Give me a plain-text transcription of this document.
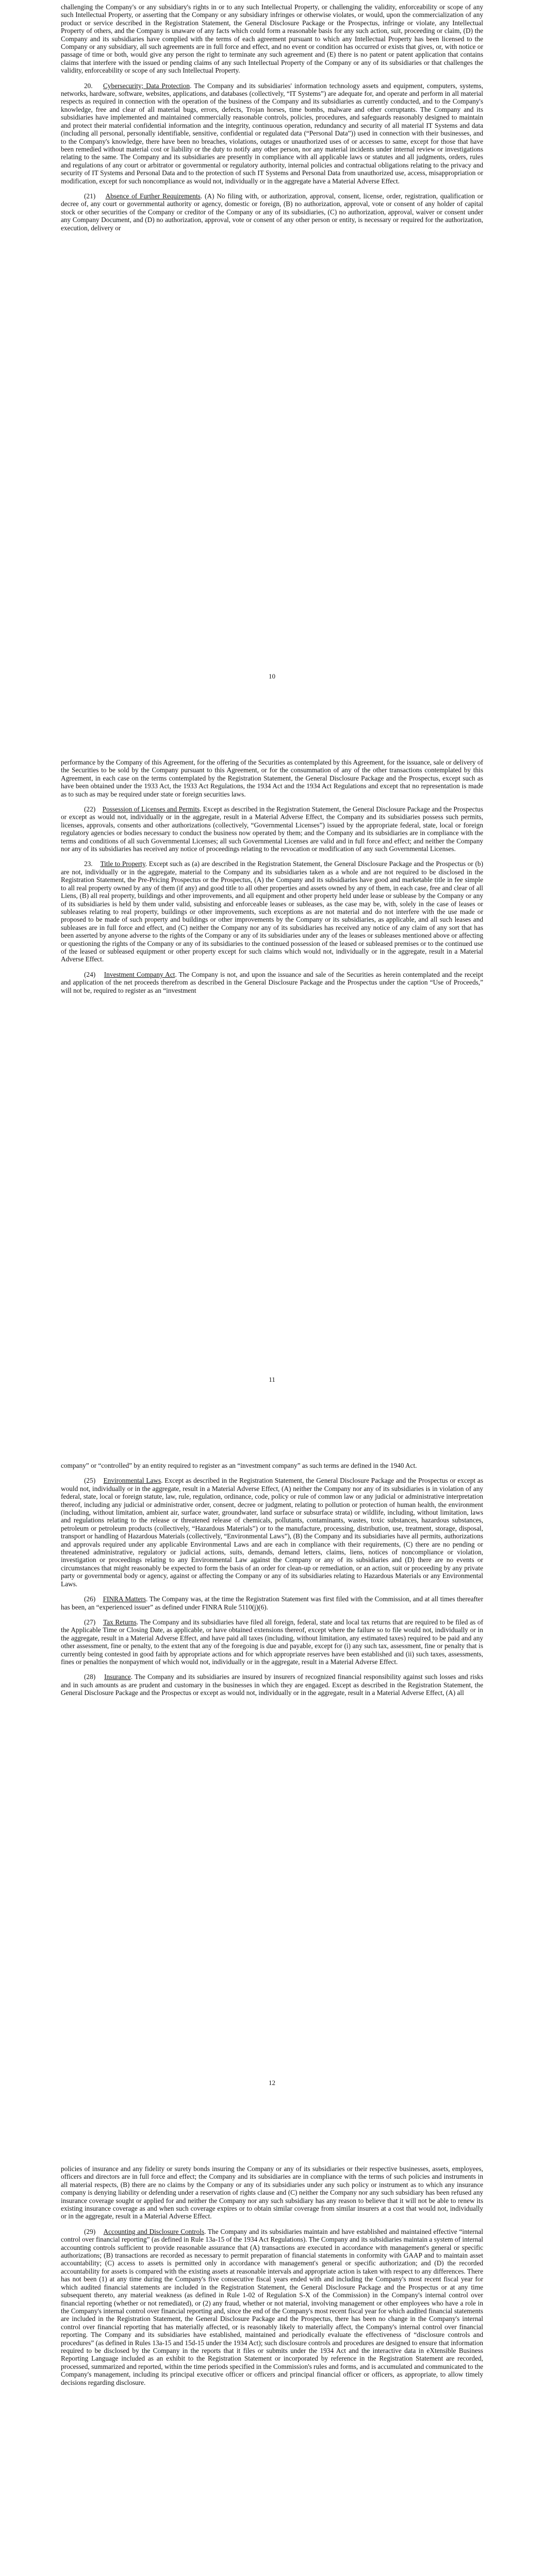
challenging the Company's or any subsidiary's rights in or to any such Intellectual Property, or challenging the validity, enforceability or scope of any such Intellectual Property, or asserting that the Company or any subsidiary infringes or otherwise violates, or would, upon the commercialization of any product or service described in the Registration Statement, the General Disclosure Package or the Prospectus, infringe or violate, any Intellectual Property of others, and the Company is unaware of any facts which could form a reasonable basis for any such action, suit, proceeding or claim, (D) the Company and its subsidiaries have complied with the terms of each agreement pursuant to which any Intellectual Property has been licensed to the Company or any subsidiary, all such agreements are in full force and effect, and no event or condition has occurred or exists that gives, or, with notice or passage of time or both, would give any person the right to terminate any such agreement and (E) there is no patent or patent application that contains claims that interfere with the issued or pending claims of any such Intellectual Property of the Company or any of its subsidiaries or that challenges the validity, enforceability or scope of any such Intellectual Property.

20. Cybersecurity; Data Protection. The Company and its subsidiaries' information technology assets and equipment, computers, systems, networks, hardware, software, websites, applications, and databases (collectively, “IT Systems”) are adequate for, and operate and perform in all material respects as required in connection with the operation of the business of the Company and its subsidiaries as currently conducted, and to the Company's knowledge, free and clear of all material bugs, errors, defects, Trojan horses, time bombs, malware and other corruptants. The Company and its subsidiaries have implemented and maintained commercially reasonable controls, policies, procedures, and safeguards reasonably designed to maintain and protect their material confidential information and the integrity, continuous operation, redundancy and security of all material IT Systems and data (including all personal, personally identifiable, sensitive, confidential or regulated data (“Personal Data”)) used in connection with their businesses, and to the Company's knowledge, there have been no breaches, violations, outages or unauthorized uses of or accesses to same, except for those that have been remedied without material cost or liability or the duty to notify any other person, nor any material incidents under internal review or investigations relating to the same. The Company and its subsidiaries are presently in compliance with all applicable laws or statutes and all judgments, orders, rules and regulations of any court or arbitrator or governmental or regulatory authority, internal policies and contractual obligations relating to the privacy and security of IT Systems and Personal Data and to the protection of such IT Systems and Personal Data from unauthorized use, access, misappropriation or modification, except for such noncompliance as would not, individually or in the aggregate have a Material Adverse Effect.

(21) Absence of Further Requirements. (A) No filing with, or authorization, approval, consent, license, order, registration, qualification or decree of, any court or governmental authority or agency, domestic or foreign, (B) no authorization, approval, vote or consent of any holder of capital stock or other securities of the Company or creditor of the Company or any of its subsidiaries, (C) no authorization, approval, waiver or consent under any Company Document, and (D) no authorization, approval, vote or consent of any other person or entity, is necessary or required for the authorization, execution, delivery or

10

performance by the Company of this Agreement, for the offering of the Securities as contemplated by this Agreement, for the issuance, sale or delivery of the Securities to be sold by the Company pursuant to this Agreement, or for the consummation of any of the other transactions contemplated by this Agreement, in each case on the terms contemplated by the Registration Statement, the General Disclosure Package and the Prospectus, except such as have been obtained under the 1933 Act, the 1933 Act Regulations, the 1934 Act and the 1934 Act Regulations and except that no representation is made as to such as may be required under state or foreign securities laws.

(22) Possession of Licenses and Permits. Except as described in the Registration Statement, the General Disclosure Package and the Prospectus or except as would not, individually or in the aggregate, result in a Material Adverse Effect, the Company and its subsidiaries possess such permits, licenses, approvals, consents and other authorizations (collectively, “Governmental Licenses”) issued by the appropriate federal, state, local or foreign regulatory agencies or bodies necessary to conduct the business now operated by them; and the Company and its subsidiaries are in compliance with the terms and conditions of all such Governmental Licenses; all such Governmental Licenses are valid and in full force and effect; and neither the Company nor any of its subsidiaries has received any notice of proceedings relating to the revocation or modification of any such Governmental Licenses.

23. Title to Property. Except such as (a) are described in the Registration Statement, the General Disclosure Package and the Prospectus or (b) are not, individually or in the aggregate, material to the Company and its subsidiaries taken as a whole and are not required to be disclosed in the Registration Statement, the Pre-Pricing Prospectus or the Prospectus, (A) the Company and its subsidiaries have good and marketable title in fee simple to all real property owned by any of them (if any) and good title to all other properties and assets owned by any of them, in each case, free and clear of all Liens, (B) all real property, buildings and other improvements, and all equipment and other property held under lease or sublease by the Company or any of its subsidiaries is held by them under valid, subsisting and enforceable leases or subleases, as the case may be, with, solely in the case of leases or subleases relating to real property, buildings or other improvements, such exceptions as are not material and do not interfere with the use made or proposed to be made of such property and buildings or other improvements by the Company or its subsidiaries, as applicable, and all such leases and subleases are in full force and effect, and (C) neither the Company nor any of its subsidiaries has received any notice of any claim of any sort that has been asserted by anyone adverse to the rights of the Company or any of its subsidiaries under any of the leases or subleases mentioned above or affecting or questioning the rights of the Company or any of its subsidiaries to the continued possession of the leased or subleased premises or to the continued use of the leased or subleased equipment or other property except for such claims which would not, individually or in the aggregate, result in a Material Adverse Effect.

(24) Investment Company Act. The Company is not, and upon the issuance and sale of the Securities as herein contemplated and the receipt and application of the net proceeds therefrom as described in the General Disclosure Package and the Prospectus under the caption “Use of Proceeds,” will not be, required to register as an “investment

11

company” or “controlled” by an entity required to register as an “investment company” as such terms are defined in the 1940 Act.

(25) Environmental Laws. Except as described in the Registration Statement, the General Disclosure Package and the Prospectus or except as would not, individually or in the aggregate, result in a Material Adverse Effect, (A) neither the Company nor any of its subsidiaries is in violation of any federal, state, local or foreign statute, law, rule, regulation, ordinance, code, policy or rule of common law or any judicial or administrative interpretation thereof, including any judicial or administrative order, consent, decree or judgment, relating to pollution or protection of human health, the environment (including, without limitation, ambient air, surface water, groundwater, land surface or subsurface strata) or wildlife, including, without limitation, laws and regulations relating to the release or threatened release of chemicals, pollutants, contaminants, wastes, toxic substances, hazardous substances, petroleum or petroleum products (collectively, “Hazardous Materials”) or to the manufacture, processing, distribution, use, treatment, storage, disposal, transport or handling of Hazardous Materials (collectively, “Environmental Laws”), (B) the Company and its subsidiaries have all permits, authorizations and approvals required under any applicable Environmental Laws and are each in compliance with their requirements, (C) there are no pending or threatened administrative, regulatory or judicial actions, suits, demands, demand letters, claims, liens, notices of noncompliance or violation, investigation or proceedings relating to any Environmental Law against the Company or any of its subsidiaries and (D) there are no events or circumstances that might reasonably be expected to form the basis of an order for clean-up or remediation, or an action, suit or proceeding by any private party or governmental body or agency, against or affecting the Company or any of its subsidiaries relating to Hazardous Materials or any Environmental Laws.

(26) FINRA Matters. The Company was, at the time the Registration Statement was first filed with the Commission, and at all times thereafter has been, an “experienced issuer” as defined under FINRA Rule 5110(j)(6).

(27) Tax Returns. The Company and its subsidiaries have filed all foreign, federal, state and local tax returns that are required to be filed as of the Applicable Time or Closing Date, as applicable, or have obtained extensions thereof, except where the failure so to file would not, individually or in the aggregate, result in a Material Adverse Effect, and have paid all taxes (including, without limitation, any estimated taxes) required to be paid and any other assessment, fine or penalty, to the extent that any of the foregoing is due and payable, except for (i) any such tax, assessment, fine or penalty that is currently being contested in good faith by appropriate actions and for which appropriate reserves have been established and (ii) such taxes, assessments, fines or penalties the nonpayment of which would not, individually or in the aggregate, result in a Material Adverse Effect.

(28) Insurance. The Company and its subsidiaries are insured by insurers of recognized financial responsibility against such losses and risks and in such amounts as are prudent and customary in the businesses in which they are engaged. Except as described in the Registration Statement, the General Disclosure Package and the Prospectus or except as would not, individually or in the aggregate, result in a Material Adverse Effect, (A) all

12

policies of insurance and any fidelity or surety bonds insuring the Company or any of its subsidiaries or their respective businesses, assets, employees, officers and directors are in full force and effect; the Company and its subsidiaries are in compliance with the terms of such policies and instruments in all material respects, (B) there are no claims by the Company or any of its subsidiaries under any such policy or instrument as to which any insurance company is denying liability or defending under a reservation of rights clause and (C) neither the Company nor any such subsidiary has been refused any insurance coverage sought or applied for and neither the Company nor any such subsidiary has any reason to believe that it will not be able to renew its existing insurance coverage as and when such coverage expires or to obtain similar coverage from similar insurers at a cost that would not, individually or in the aggregate, result in a Material Adverse Effect.

(29) Accounting and Disclosure Controls. The Company and its subsidiaries maintain and have established and maintained effective “internal control over financial reporting” (as defined in Rule 13a-15 of the 1934 Act Regulations). The Company and its subsidiaries maintain a system of internal accounting controls sufficient to provide reasonable assurance that (A) transactions are executed in accordance with management's general or specific authorizations; (B) transactions are recorded as necessary to permit preparation of financial statements in conformity with GAAP and to maintain asset accountability; (C) access to assets is permitted only in accordance with management's general or specific authorization; and (D) the recorded accountability for assets is compared with the existing assets at reasonable intervals and appropriate action is taken with respect to any differences. There has not been (1) at any time during the Company's five consecutive fiscal years ended with and including the Company's most recent fiscal year for which audited financial statements are included in the Registration Statement, the General Disclosure Package and the Prospectus or at any time subsequent thereto, any material weakness (as defined in Rule 1-02 of Regulation S-X of the Commission) in the Company's internal control over financial reporting (whether or not remediated), or (2) any fraud, whether or not material, involving management or other employees who have a role in the Company's internal control over financial reporting and, since the end of the Company's most recent fiscal year for which audited financial statements are included in the Registration Statement, the General Disclosure Package and the Prospectus, there has been no change in the Company's internal control over financial reporting that has materially affected, or is reasonably likely to materially affect, the Company's internal control over financial reporting. The Company and its subsidiaries have established, maintained and periodically evaluate the effectiveness of “disclosure controls and procedures” (as defined in Rules 13a-15 and 15d-15 under the 1934 Act); such disclosure controls and procedures are designed to ensure that information required to be disclosed by the Company in the reports that it files or submits under the 1934 Act and the interactive data in eXtensible Business Reporting Language included as an exhibit to the Registration Statement or incorporated by reference in the Registration Statement are recorded, processed, summarized and reported, within the time periods specified in the Commission's rules and forms, and is accumulated and communicated to the Company's management, including its principal executive officer or officers and principal financial officer or officers, as appropriate, to allow timely decisions regarding disclosure.
